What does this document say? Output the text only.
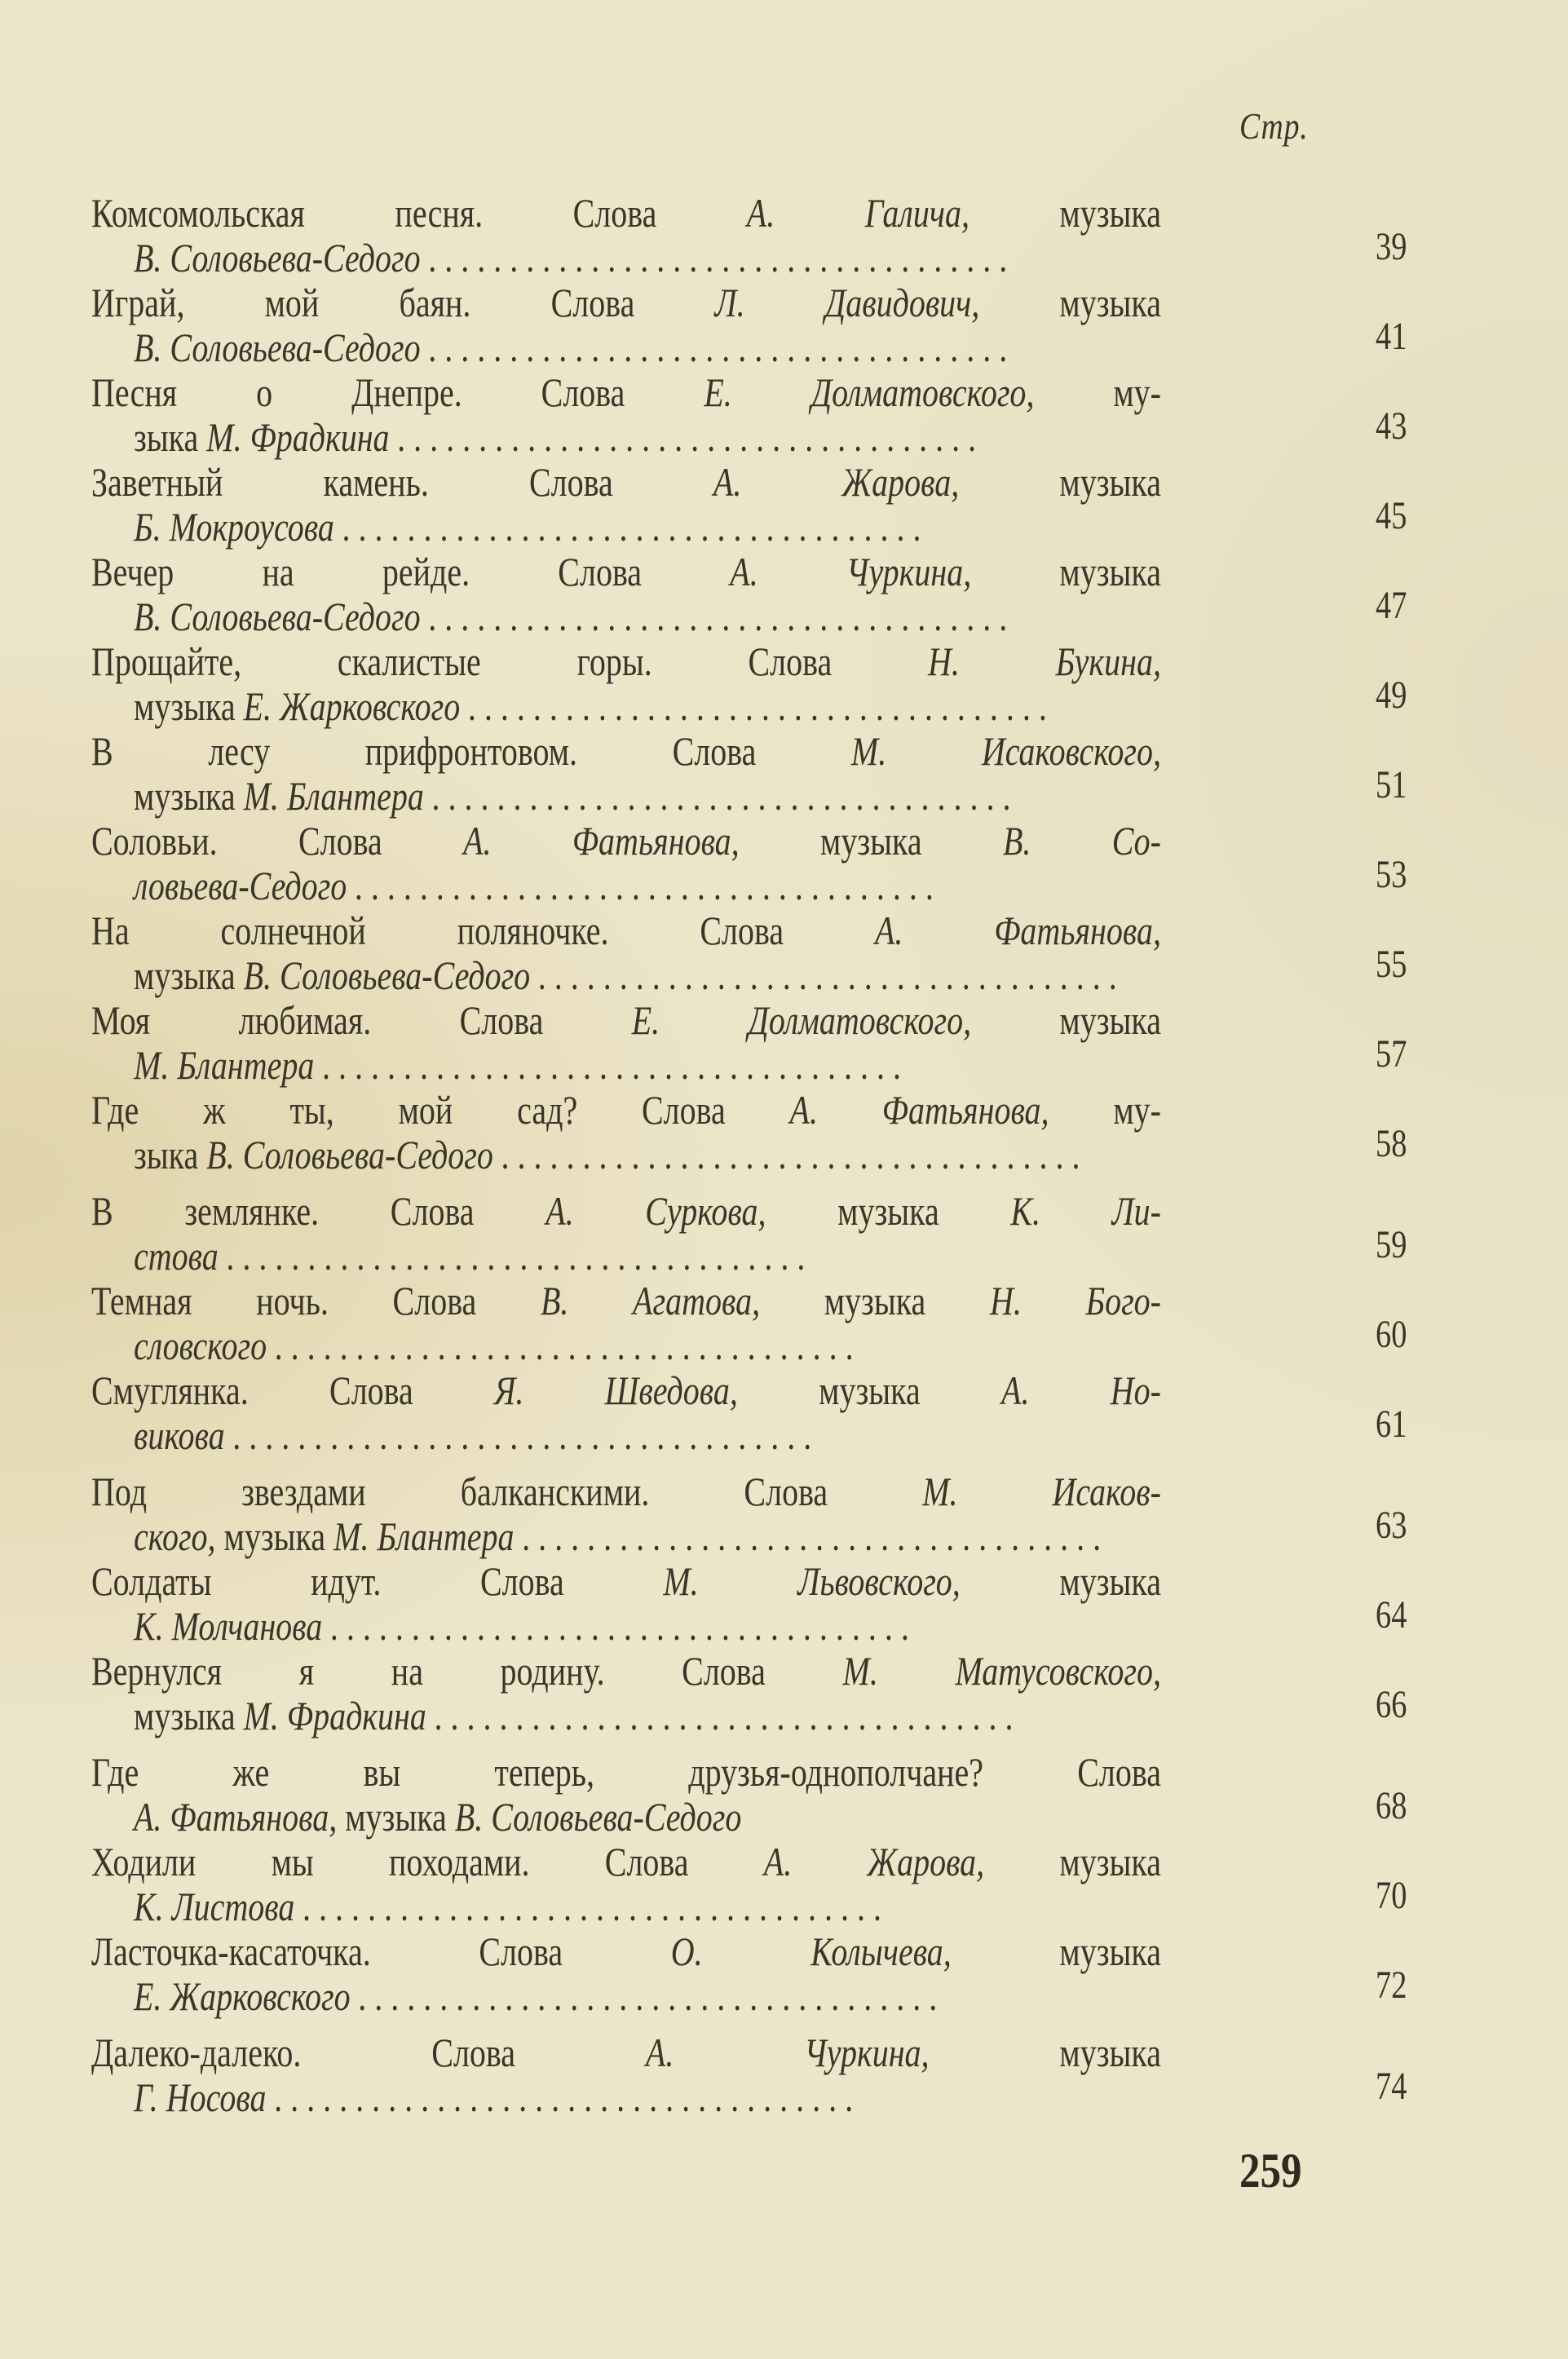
Стр.
Комсомольская песня. Слова А. Галича, музыка
В. Соловьева-Седого . . . . . . . . . . . . . . . . . . . . . . . . . . . . . . . . . . . .	39
Играй, мой баян. Слова Л. Давидович, музыка
В. Соловьева-Седого . . . . . . . . . . . . . . . . . . . . . . . . . . . . . . . . . . . .	41
Песня о Днепре. Слова Е. Долматовского, му-
зыка М. Фрадкина . . . . . . . . . . . . . . . . . . . . . . . . . . . . . . . . . . . .	43
Заветный камень. Слова А. Жарова, музыка
Б. Мокроусова . . . . . . . . . . . . . . . . . . . . . . . . . . . . . . . . . . . .	45
Вечер на рейде. Слова А. Чуркина, музыка
В. Соловьева-Седого . . . . . . . . . . . . . . . . . . . . . . . . . . . . . . . . . . . .	47
Прощайте, скалистые горы. Слова Н. Букина,
музыка Е. Жарковского . . . . . . . . . . . . . . . . . . . . . . . . . . . . . . . . . . . .	49
В лесу прифронтовом. Слова М. Исаковского,
музыка М. Блантера . . . . . . . . . . . . . . . . . . . . . . . . . . . . . . . . . . . .	51
Соловьи. Слова А. Фатьянова, музыка В. Со-
ловьева-Седого . . . . . . . . . . . . . . . . . . . . . . . . . . . . . . . . . . . .	53
На солнечной поляночке. Слова А. Фатьянова,
музыка В. Соловьева-Седого . . . . . . . . . . . . . . . . . . . . . . . . . . . . . . . . . . . .	55
Моя любимая. Слова Е. Долматовского, музыка
М. Блантера . . . . . . . . . . . . . . . . . . . . . . . . . . . . . . . . . . . .	57
Где ж ты, мой сад? Слова А. Фатьянова, му-
зыка В. Соловьева-Седого . . . . . . . . . . . . . . . . . . . . . . . . . . . . . . . . . . . .	58
В землянке. Слова А. Суркова, музыка К. Ли-
стова . . . . . . . . . . . . . . . . . . . . . . . . . . . . . . . . . . . .	59
Темная ночь. Слова В. Агатова, музыка Н. Бого-
словского . . . . . . . . . . . . . . . . . . . . . . . . . . . . . . . . . . . .	60
Смуглянка. Слова Я. Шведова, музыка А. Но-
викова . . . . . . . . . . . . . . . . . . . . . . . . . . . . . . . . . . . .	61
Под звездами балканскими. Слова М. Исаков-
ского, музыка М. Блантера . . . . . . . . . . . . . . . . . . . . . . . . . . . . . . . . . . . .	63
Солдаты идут. Слова М. Львовского, музыка
К. Молчанова . . . . . . . . . . . . . . . . . . . . . . . . . . . . . . . . . . . .	64
Вернулся я на родину. Слова М. Матусовского,
музыка М. Фрадкина . . . . . . . . . . . . . . . . . . . . . . . . . . . . . . . . . . . .	66
Где же вы теперь, друзья-однополчане? Слова
А. Фатьянова, музыка В. Соловьева-Седого	68
Ходили мы походами. Слова А. Жарова, музыка
К. Листова . . . . . . . . . . . . . . . . . . . . . . . . . . . . . . . . . . . .	70
Ласточка-касаточка. Слова О. Колычева, музыка
Е. Жарковского . . . . . . . . . . . . . . . . . . . . . . . . . . . . . . . . . . . .	72
Далеко-далеко. Слова А. Чуркина, музыка
Г. Носова . . . . . . . . . . . . . . . . . . . . . . . . . . . . . . . . . . . .	74
259
